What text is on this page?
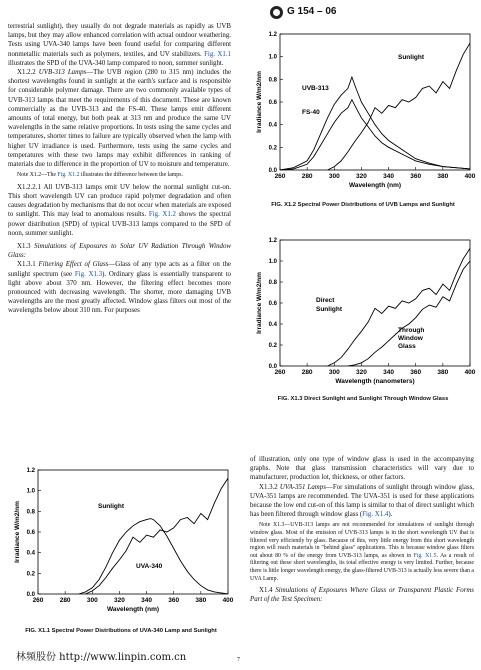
G 154 – 06

terrestrial sunlight), they usually do not degrade materials as rapidly as UVB lamps, but they may allow enhanced correlation with actual outdoor weathering. Tests using UVA-340 lamps have been found useful for comparing different nonmetallic materials such as polymers, textiles, and UV stabilizers. Fig. X1.1 illustrates the SPD of the UVA-340 lamp compared to noon, summer sunlight.

X1.2.2 UVB-313 Lamps—The UVB region (280 to 315 nm) includes the shortest wavelengths found in sunlight at the earth's surface and is responsible for considerable polymer damage. There are two commonly available types of UVB-313 lamps that meet the requirements of this document. These are known commercially as the UVB-313 and the FS-40. These lamps emit different amounts of total energy, but both peak at 313 nm and produce the same UV wavelengths in the same relative proportions. In tests using the same cycles and temperatures, shorter times to failure are typically observed when the lamp with higher UV irradiance is used. Furthermore, tests using the same cycles and temperatures with these two lamps may exhibit differences in ranking of materials due to difference in the proportion of UV to moisture and temperature.

Note X1.2—The Fig. X1.2 illustrates the difference between the lamps.

X1.2.2.1 All UVB-313 lamps emit UV below the normal sunlight cut-on. This short wavelength UV can produce rapid polymer degradation and often causes degradation by mechanisms that do not occur when materials are exposed to sunlight. This may lead to anomalous results. Fig. X1.2 shows the spectral power distribution (SPD) of typical UVB-313 lamps compared to the SPD of noon, summer sunlight.

X1.3 Simulations of Exposures to Solar UV Radiation Through Window Glass:

X1.3.1 Filtering Effect of Glass—Glass of any type acts as a filter on the sunlight spectrum (see Fig. X1.3). Ordinary glass is essentially transparent to light above about 370 nm. However, the filtering effect becomes more pronounced with decreasing wavelength. The shorter, more damaging UVB wavelengths are the most greatly affected. Window glass filters out most of the wavelengths below about 310 nm. For purposes

0.0
0.2
0.4
0.6
0.8
1.0
1.2
260	280	300	320	340	360	380	400
Wavelength (nm)
Irradiance W/m2/nm
Sunlight
UVB-313
FS-40
FIG. X1.2 Spectral Power Distributions of UVB Lamps and Sunlight
0.0
0.2
0.4
0.6
0.8
1.0
1.2
260	280	300	320	340	360	380	400
Wavelength (nanometers)
Irradiance W/m2/nm	Direct
Sunlight
Through
Window
Glass
FIG. X1.3 Direct Sunlight and Sunlight Through Window Glass
0.0
0.2
0.4
0.6
0.8
1.0
1.2
260	280	300	320	340	360	380	400
Wavelength (nm)
Irradiance W/m2/nm	Sunlight
UVA-340
FIG. X1.1 Spectral Power Distributions of UVA-340 Lamp and Sunlight

of illustration, only one type of window glass is used in the accompanying graphs. Note that glass transmission characteristics will vary due to manufacturer, production lot, thickness, or other factors.

X1.3.2 UVA-351 Lamps—For simulations of sunlight through window glass, UVA-351 lamps are recommended. The UVA-351 is used for these applications because the low end cut-on of this lamp is similar to that of direct sunlight which has been filtered through window glass (Fig. X1.4).

Note X1.3—UVB-313 lamps are not recommended for simulations of sunlight through window glass. Most of the emission of UVB-313 lamps is in the short wavelength UV that is filtered very efficiently by glass. Because of this, very little energy from this short wavelength region will reach materials in "behind glass" applications. This is because window glass filters out about 80 % of the energy from UVB-313 lamps, as shown in Fig. X1.5. As a result of filtering out these short wavelengths, its total effective energy is very limited. Further, because there is little longer wavelength energy, the glass-filtered UVB-313 is actually less severe than a UVA Lamp.

X1.4 Simulations of Exposures Where Glass or Transparent Plastic Forms Part of the Test Specimen:

林频股份 http://www.linpin.com.cn	7
